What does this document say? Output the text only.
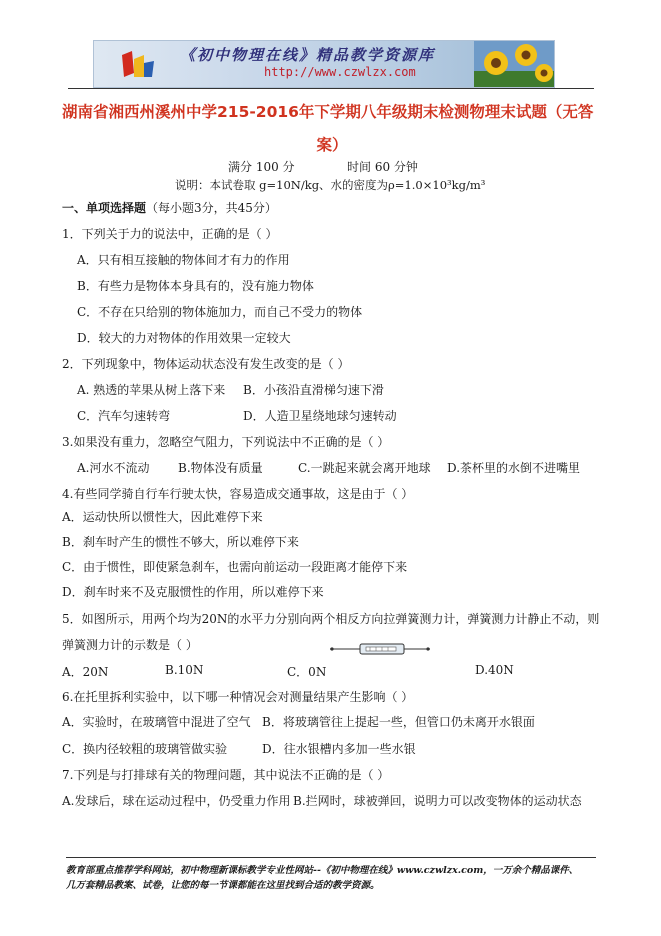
《初中物理在线》精品教学资源库
http://www.czwlzx.com
湖南省湘西州溪州中学215-2016年下学期八年级期末检测物理末试题（无答
案）
满分 100 分	时间 60 分钟
说明：本试卷取 g=10N/kg、水的密度为ρ=1.0×10³kg/m³
一、单项选择题（每小题3分，共45分）
1．下列关于力的说法中，正确的是（ ）
A．只有相互接触的物体间才有力的作用
B．有些力是物体本身具有的，没有施力物体
C．不存在只给别的物体施加力，而自己不受力的物体
D．较大的力对物体的作用效果一定较大
2．下列现象中，物体运动状态没有发生改变的是（ ）
A. 熟透的苹果从树上落下来 B．小孩沿直滑梯匀速下滑
C．汽车匀速转弯	D．人造卫星绕地球匀速转动
3.如果没有重力，忽略空气阻力，下列说法中不正确的是（ ）
A.河水不流动 B.物体没有质量	C.一跳起来就会离开地球 D.茶杯里的水倒不进嘴里
4.有些同学骑自行车行驶太快，容易造成交通事故，这是由于（ ）
A．运动快所以惯性大，因此难停下来
B．刹车时产生的惯性不够大，所以难停下来
C．由于惯性，即使紧急刹车，也需向前运动一段距离才能停下来
D．刹车时来不及克服惯性的作用，所以难停下来
5．如图所示，用两个均为20N的水平力分别向两个相反方向拉弹簧测力计，弹簧测力计静止不动，则
弹簧测力计的示数是（ ）
A．20N	B.10N	C．0N	D.40N
6.在托里拆利实验中，以下哪一种情况会对测量结果产生影响（ ）
A．实验时，在玻璃管中混进了空气 B．将玻璃管往上提起一些，但管口仍未离开水银面
C．换内径较粗的玻璃管做实验	D．往水银槽内多加一些水银
7.下列是与打排球有关的物理问题，其中说法不正确的是（ ）
A.发球后，球在运动过程中，仍受重力作用 B.拦网时，球被弹回，说明力可以改变物体的运动状态
教育部重点推荐学科网站，初中物理新课标教学专业性网站--《初中物理在线》www.czwlzx.com，一万余个精品课件、
几万套精品教案、试卷，让您的每一节课都能在这里找到合适的教学资源。
